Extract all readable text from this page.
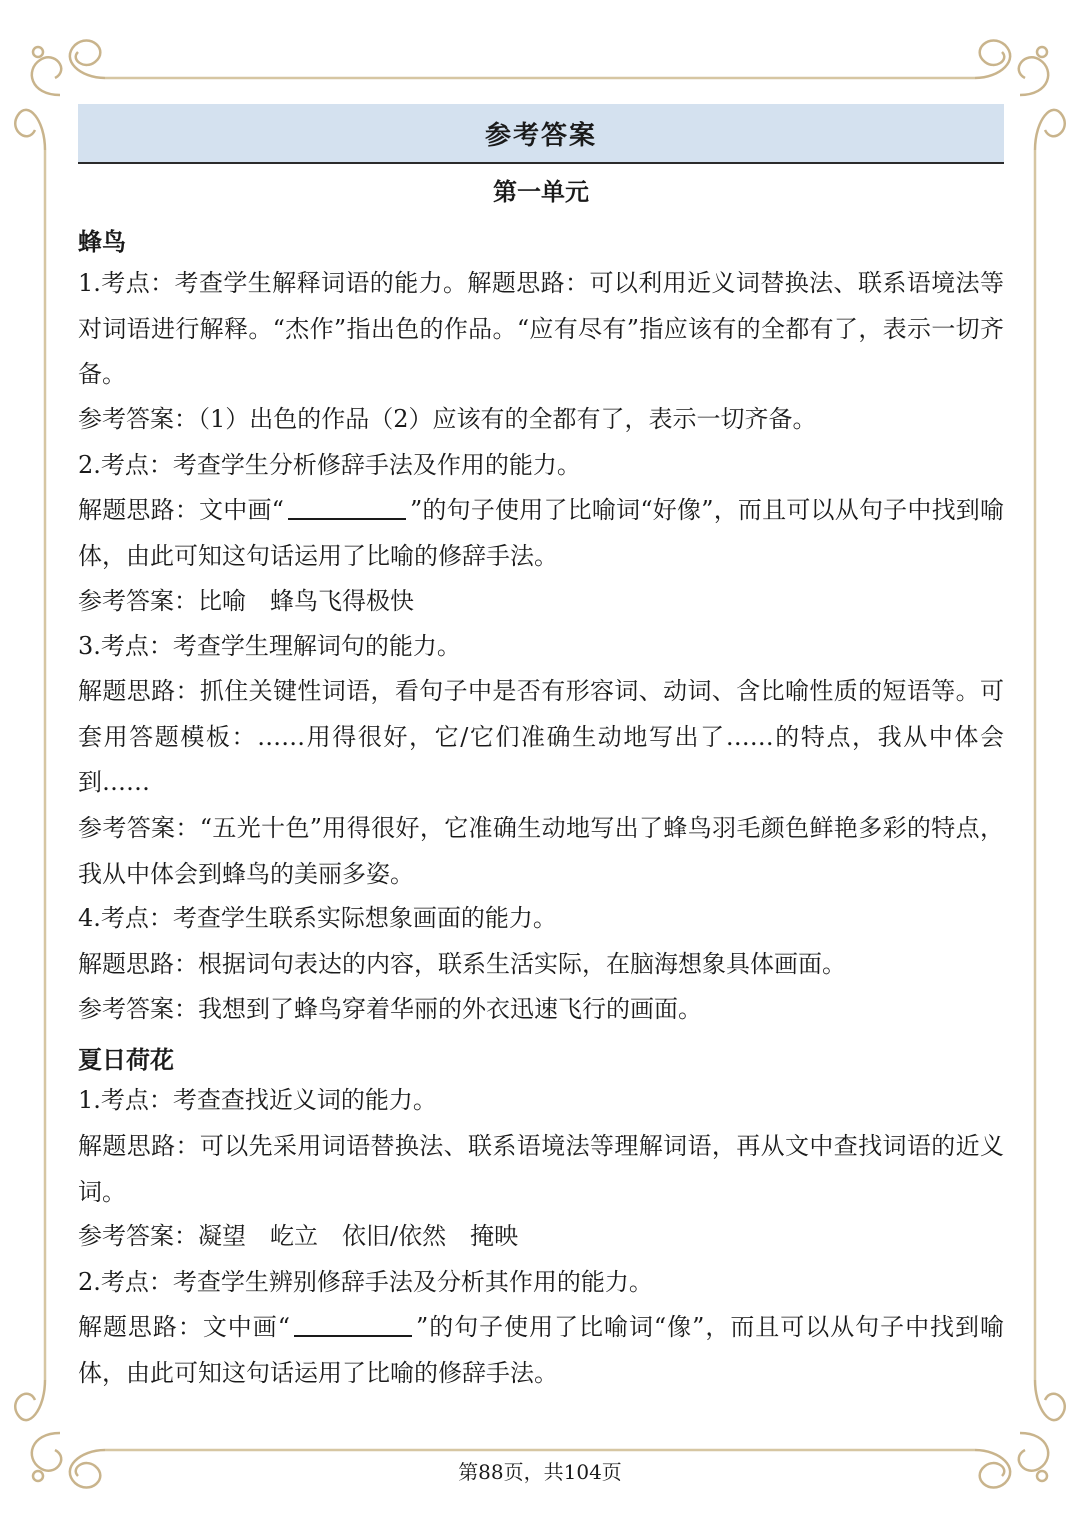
参考答案
第一单元
蜂鸟
1.考点：考查学生解释词语的能力。解题思路：可以利用近义词替换法、联系语境法等对词语进行解释。“杰作”指出色的作品。“应有尽有”指应该有的全都有了，表示一切齐备。
参考答案：（1）出色的作品（2）应该有的全都有了，表示一切齐备。
2.考点：考查学生分析修辞手法及作用的能力。
解题思路：文中画“	”的句子使用了比喻词“好像”，而且可以从句子中找到喻体，由此可知这句话运用了比喻的修辞手法。
参考答案：比喻　蜂鸟飞得极快
3.考点：考查学生理解词句的能力。
解题思路：抓住关键性词语，看句子中是否有形容词、动词、含比喻性质的短语等。可套用答题模板：……用得很好，它/它们准确生动地写出了……的特点，我从中体会到……
参考答案：“五光十色”用得很好，它准确生动地写出了蜂鸟羽毛颜色鲜艳多彩的特点，我从中体会到蜂鸟的美丽多姿。
4.考点：考查学生联系实际想象画面的能力。
解题思路：根据词句表达的内容，联系生活实际，在脑海想象具体画面。
参考答案：我想到了蜂鸟穿着华丽的外衣迅速飞行的画面。
夏日荷花
1.考点：考查查找近义词的能力。
解题思路：可以先采用词语替换法、联系语境法等理解词语，再从文中查找词语的近义词。
参考答案：凝望　屹立　依旧/依然　掩映
2.考点：考查学生辨别修辞手法及分析其作用的能力。
解题思路：文中画“	”的句子使用了比喻词“像”，而且可以从句子中找到喻体，由此可知这句话运用了比喻的修辞手法。
第88页，共104页
